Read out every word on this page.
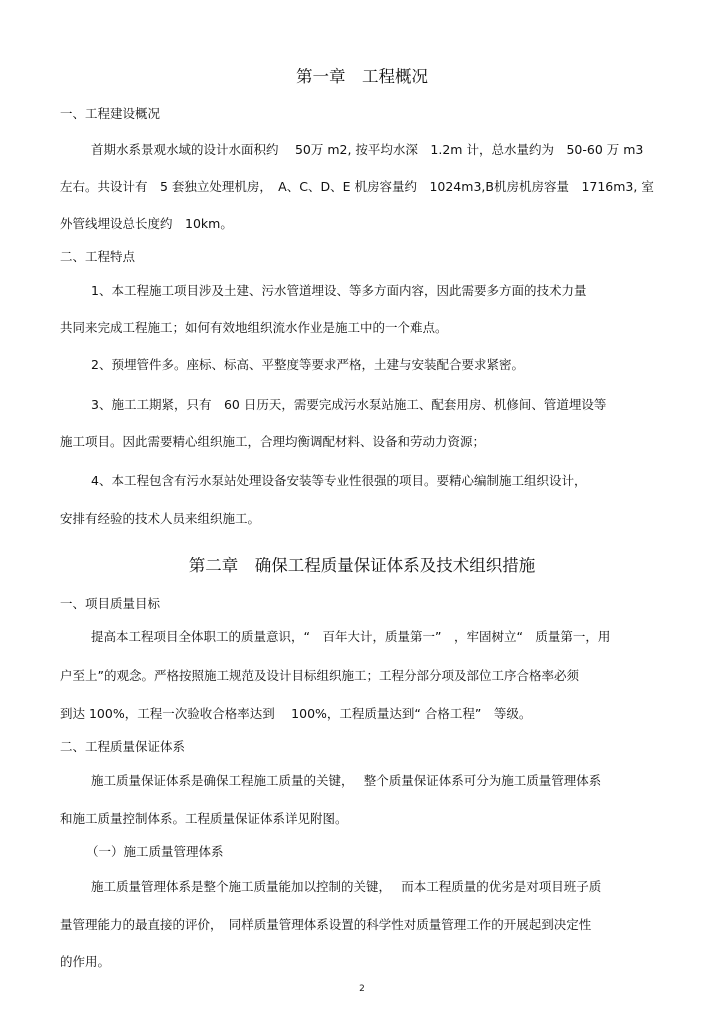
第一章　工程概况

一、工程建设概况

首期水系景观水域的设计水面积约　 50万 m2, 按平均水深　1.2m 计，总水量约为　50-60 万 m3

左右。共设计有　5 套独立处理机房，　A、C、D、E 机房容量约　1024m3,B机房机房容量　1716m3, 室

外管线埋设总长度约　10km。

二、工程特点

1、本工程施工项目涉及土建、污水管道埋设、等多方面内容，因此需要多方面的技术力量

共同来完成工程施工；如何有效地组织流水作业是施工中的一个难点。

2、预埋管件多。座标、标高、平整度等要求严格，土建与安装配合要求紧密。

3、施工工期紧，只有　60 日历天，需要完成污水泵站施工、配套用房、机修间、管道埋设等

施工项目。因此需要精心组织施工，合理均衡调配材料、设备和劳动力资源；

4、本工程包含有污水泵站处理设备安装等专业性很强的项目。要精心编制施工组织设计，

安排有经验的技术人员来组织施工。

第二章　确保工程质量保证体系及技术组织措施

一、项目质量目标

提高本工程项目全体职工的质量意识，“　百年大计，质量第一”　，牢固树立“　质量第一，用

户至上”的观念。严格按照施工规范及设计目标组织施工；工程分部分项及部位工序合格率必须

到达 100%，工程一次验收合格率达到　 100%，工程质量达到“ 合格工程”　等级。

二、工程质量保证体系

施工质量保证体系是确保工程施工质量的关键，　 整个质量保证体系可分为施工质量管理体系

和施工质量控制体系。工程质量保证体系详见附图。

（一）施工质量管理体系

施工质量管理体系是整个施工质量能加以控制的关键，　 而本工程质量的优劣是对项目班子质

量管理能力的最直接的评价，　同样质量管理体系设置的科学性对质量管理工作的开展起到决定性

的作用。

2
